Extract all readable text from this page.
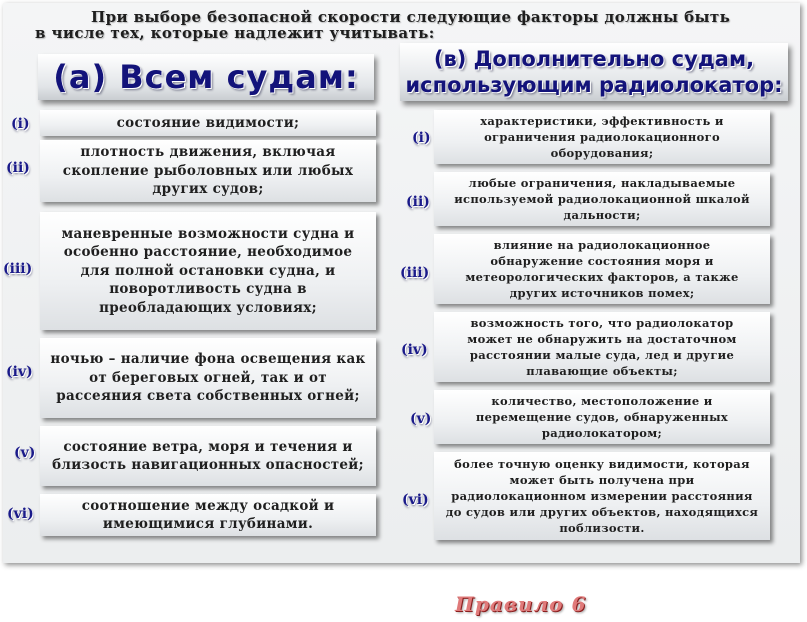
При выборе безопасной скорости следующие факторы должны быть
в числе тех, которые надлежит учитывать:
(а) Всем судам:	(в) Дополнительно судам, использующим радиолокатор:
(i)	состояние видимости;
(ii)
плотность движения, включая скопление рыболовных или любых других судов;
(iii)
маневренные возможности судна и особенно расстояние, необходимое для полной остановки судна, и поворотливость судна в преобладающих условиях;
(iv)
ночью – наличие фона освещения как от береговых огней, так и от рассеяния света собственных огней;
(v)	состояние ветра, моря и течения и близость навигационных опасностей;
(vi)
соотношение между осадкой и имеющимися глубинами.
(i)
характеристики, эффективность и ограничения радиолокационного оборудования;
(ii)
любые ограничения, накладываемые используемой радиолокационной шкалой дальности;
(iii)
влияние на радиолокационное обнаружение состояния моря и метеорологических факторов, а также других источников помех;
(iv)
возможность того, что радиолокатор может не обнаружить на достаточном расстоянии малые суда, лед и другие плавающие объекты;
(v)
количество, местоположение и перемещение судов, обнаруженных радиолокатором;
(vi)
более точную оценку видимости, которая может быть получена при радиолокационном измерении расстояния до судов или других объектов, находящихся поблизости.
Правило 6
